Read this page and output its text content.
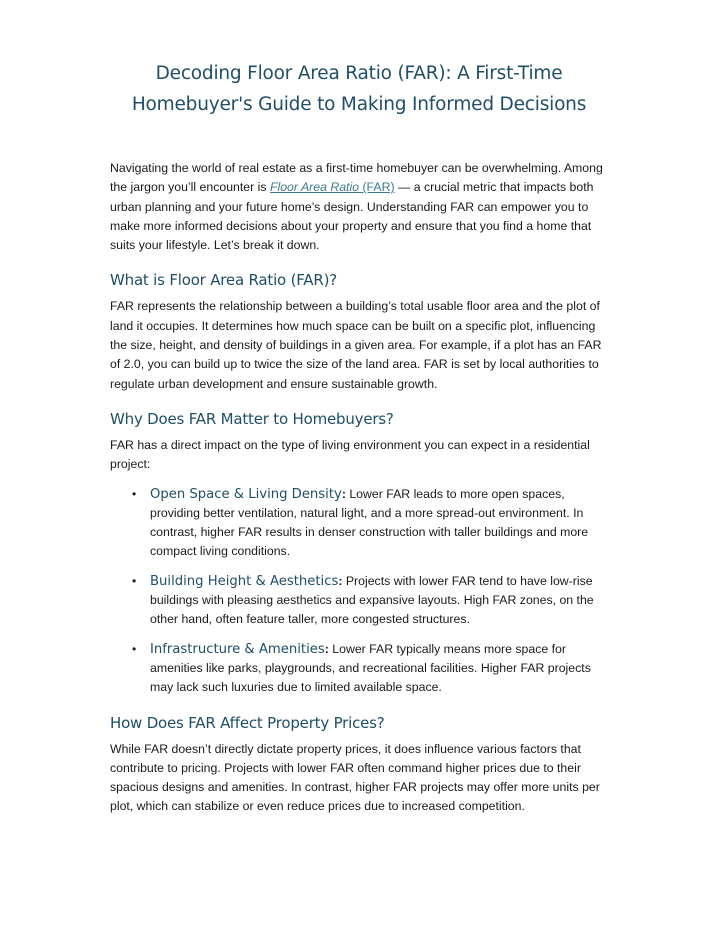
Decoding Floor Area Ratio (FAR): A First-Time
Homebuyer's Guide to Making Informed Decisions

Navigating the world of real estate as a first-time homebuyer can be overwhelming. Among the jargon you’ll encounter is Floor Area Ratio (FAR) — a crucial metric that impacts both urban planning and your future home’s design. Understanding FAR can empower you to make more informed decisions about your property and ensure that you find a home that suits your lifestyle. Let’s break it down.

What is Floor Area Ratio (FAR)?

FAR represents the relationship between a building’s total usable floor area and the plot of land it occupies. It determines how much space can be built on a specific plot, influencing the size, height, and density of buildings in a given area. For example, if a plot has an FAR of 2.0, you can build up to twice the size of the land area. FAR is set by local authorities to regulate urban development and ensure sustainable growth.

Why Does FAR Matter to Homebuyers?

FAR has a direct impact on the type of living environment you can expect in a residential project:

• Open Space & Living Density: Lower FAR leads to more open spaces, providing better ventilation, natural light, and a more spread-out environment. In contrast, higher FAR results in denser construction with taller buildings and more compact living conditions.
• Building Height & Aesthetics: Projects with lower FAR tend to have low-rise buildings with pleasing aesthetics and expansive layouts. High FAR zones, on the other hand, often feature taller, more congested structures.
• Infrastructure & Amenities: Lower FAR typically means more space for amenities like parks, playgrounds, and recreational facilities. Higher FAR projects may lack such luxuries due to limited available space.
How Does FAR Affect Property Prices?

While FAR doesn’t directly dictate property prices, it does influence various factors that contribute to pricing. Projects with lower FAR often command higher prices due to their spacious designs and amenities. In contrast, higher FAR projects may offer more units per plot, which can stabilize or even reduce prices due to increased competition.
